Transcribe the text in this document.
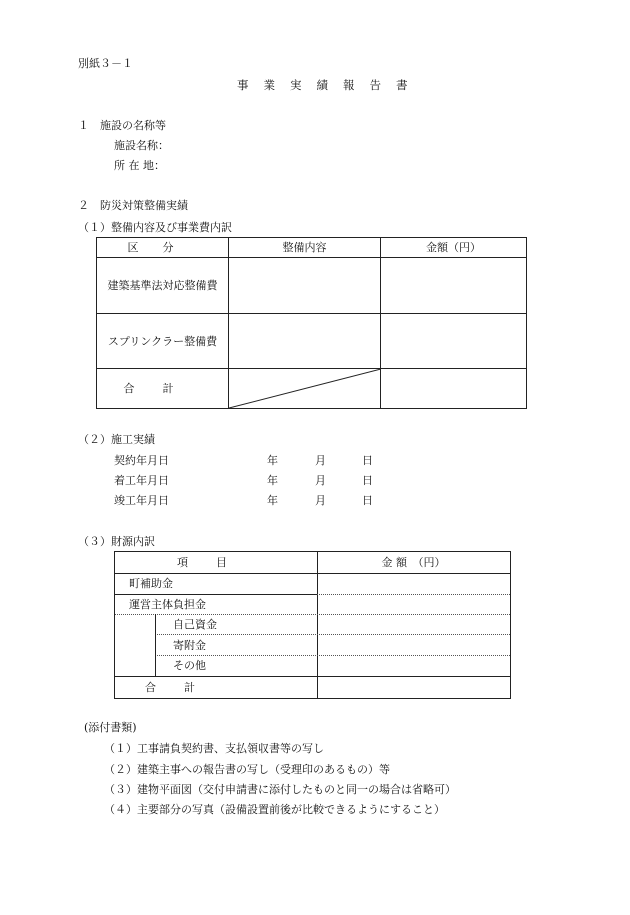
別紙３－１
事業実績報告書
１　施設の名称等
施設名称：
所 在 地：
２　防災対策整備実績
（１）整備内容及び事業費内訳
区分	整備内容	金額（円）
建築基準法対応整備費		
スプリンクラー整備費		
合計	

（２）施工実績
契約年月日	年	月	日
着工年月日	年	月	日
竣工年月日	年	月	日
（３）財源内訳
項目	金 額　（円）
町補助金
運営主体負担金
自己資金
寄附金
その他
合計
(添付書類)
（１）工事請負契約書、支払領収書等の写し
（２）建築主事への報告書の写し（受理印のあるもの）等
（３）建物平面図（交付申請書に添付したものと同一の場合は省略可）
（４）主要部分の写真（設備設置前後が比較できるようにすること）
